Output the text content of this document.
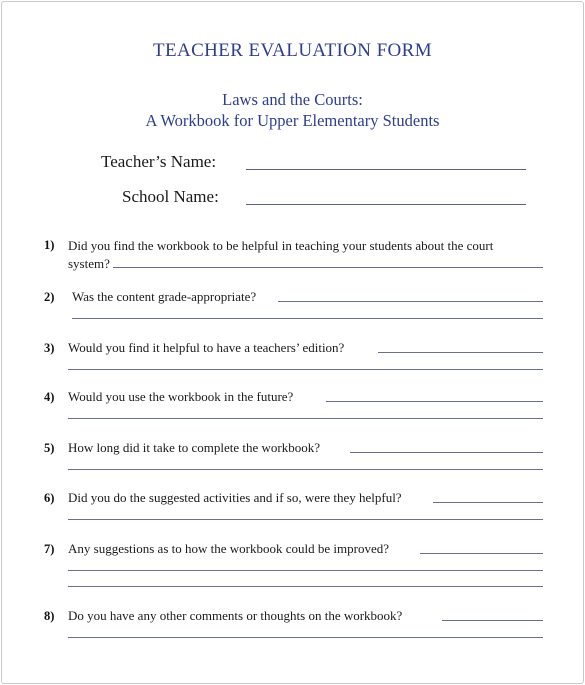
TEACHER EVALUATION FORM
Laws and the Courts:
A Workbook for Upper Elementary Students
Teacher’s Name:
School Name:
1) Did you find the workbook to be helpful in teaching your students about the court
system?
2) Was the content grade-appropriate?
3) Would you find it helpful to have a teachers’ edition?
4) Would you use the workbook in the future?
5) How long did it take to complete the workbook?
6) Did you do the suggested activities and if so, were they helpful?
7) Any suggestions as to how the workbook could be improved?
8) Do you have any other comments or thoughts on the workbook?
